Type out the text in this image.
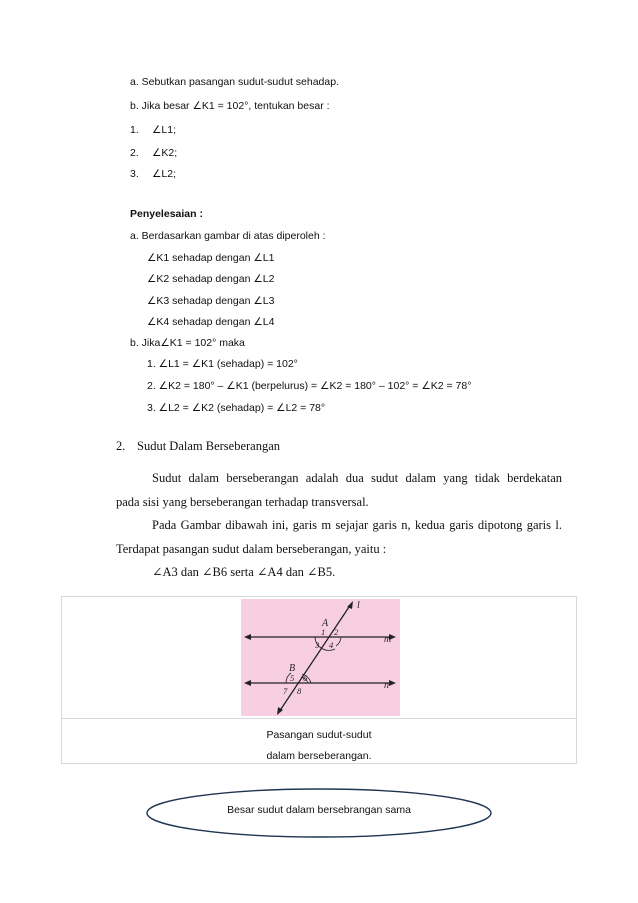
a. Sebutkan pasangan sudut-sudut sehadap.
b. Jika besar ∠K1 = 102°, tentukan besar :
1. ∠L1;
2. ∠K2;
3. ∠L2;
Penyelesaian :
a. Berdasarkan gambar di atas diperoleh :
∠K1 sehadap dengan ∠L1
∠K2 sehadap dengan ∠L2
∠K3 sehadap dengan ∠L3
∠K4 sehadap dengan ∠L4
b. Jika∠K1 = 102° maka
1. ∠L1 = ∠K1 (sehadap) = 102°
2. ∠K2 = 180° – ∠K1 (berpelurus) = ∠K2 = 180° – 102° = ∠K2 = 78°
3. ∠L2 = ∠K2 (sehadap) = ∠L2 = 78°
2. Sudut Dalam Berseberangan
Sudut dalam berseberangan adalah dua sudut dalam yang tidak berdekatan
pada sisi yang berseberangan terhadap transversal.
Pada Gambar dibawah ini, garis m sejajar garis n, kedua garis dipotong garis l.
Terdapat pasangan sudut dalam berseberangan, yaitu :
∠A3 dan ∠B6 serta ∠A4 dan ∠B5.
l
m
n
A
B
1 2
3 4
5 6
7 8
Pasangan sudut-sudut
dalam berseberangan.
Besar sudut dalam bersebrangan sama
